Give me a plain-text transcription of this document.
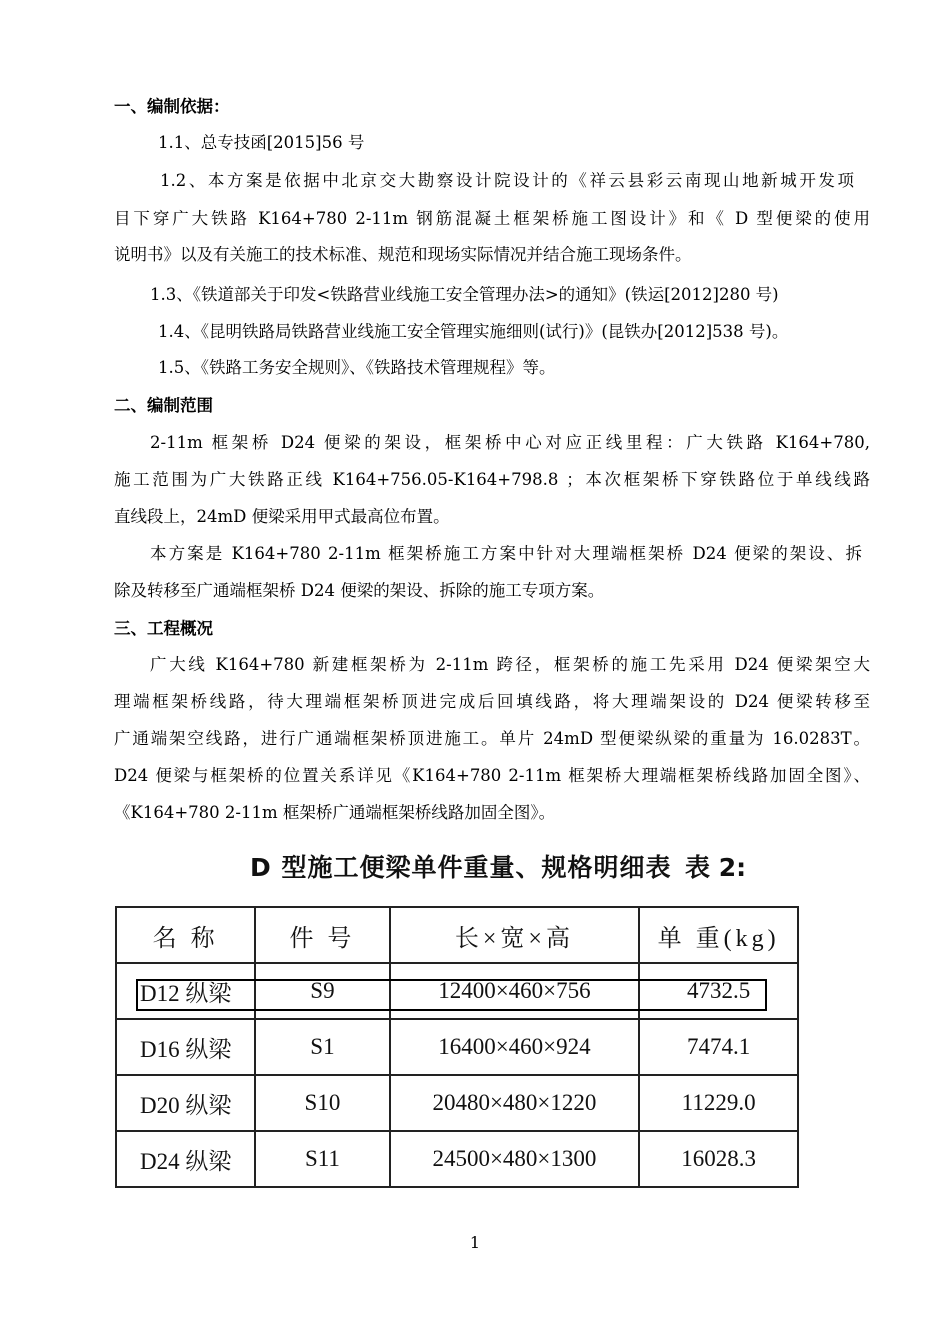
一、编制依据：
1.1、总专技函[2015]56 号
1.2、本方案是依据中北京交大勘察设计院设计的《祥云县彩云南现山地新城开发项
目下穿广大铁路 K164+780 2-11m 钢筋混凝土框架桥施工图设计》和《 D 型便梁的使用
说明书》以及有关施工的技术标准、规范和现场实际情况并结合施工现场条件。
1.3、《铁道部关于印发<铁路营业线施工安全管理办法>的通知》(铁运[2012]280 号)
1.4、《昆明铁路局铁路营业线施工安全管理实施细则(试行)》(昆铁办[2012]538 号)。
1.5、《铁路工务安全规则》、《铁路技术管理规程》等。
二、编制范围
2-11m 框架桥 D24 便梁的架设，框架桥中心对应正线里程：广大铁路 K164+780,
施工范围为广大铁路正线 K164+756.05-K164+798.8 ；本次框架桥下穿铁路位于单线线路
直线段上，24mD 便梁采用甲式最高位布置。
本方案是 K164+780 2-11m 框架桥施工方案中针对大理端框架桥 D24 便梁的架设、拆
除及转移至广通端框架桥 D24 便梁的架设、拆除的施工专项方案。
三、工程概况
广大线 K164+780 新建框架桥为 2-11m 跨径，框架桥的施工先采用 D24 便梁架空大
理端框架桥线路，待大理端框架桥顶进完成后回填线路，将大理端架设的 D24 便梁转移至
广通端架空线路，进行广通端框架桥顶进施工。单片 24mD 型便梁纵梁的重量为 16.0283T。
D24 便梁与框架桥的位置关系详见《K164+780 2-11m 框架桥大理端框架桥线路加固全图》、
《K164+780 2-11m 框架桥广通端框架桥线路加固全图》。
D 型施工便梁单件重量、规格明细表 表 2:
名 称	件 号	长×宽×高	单 重(kg)
D12 纵梁	S9	12400×460×756	4732.5
D16 纵梁	S1	16400×460×924	7474.1
D20 纵梁	S10	20480×480×1220	11229.0
D24 纵梁	S11	24500×480×1300	16028.3
1
